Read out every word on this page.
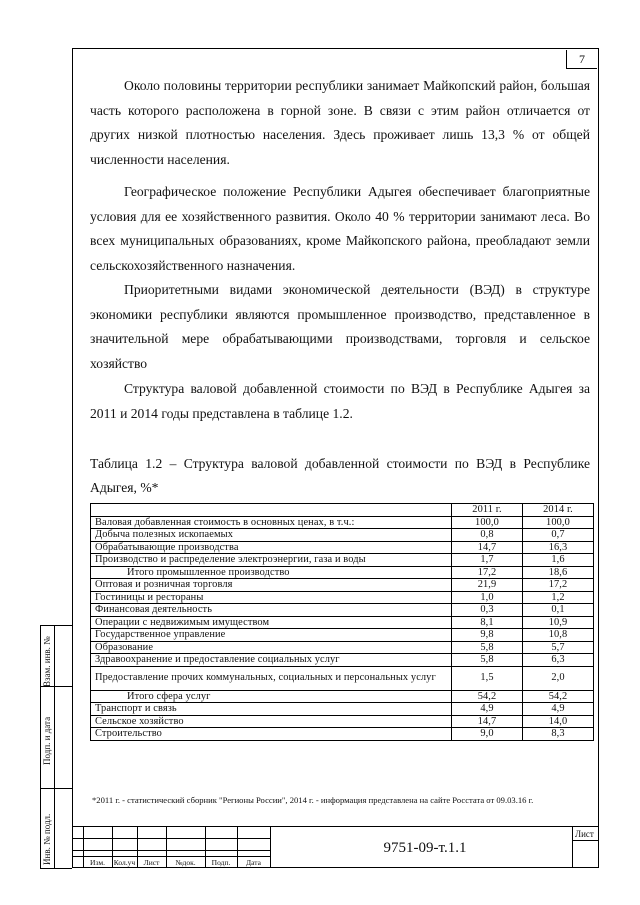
7

Около половины территории республики занимает Майкопский район, большая часть которого расположена в горной зоне. В связи с этим район отличается от других низкой плотностью населения. Здесь проживает лишь 13,3 % от общей численности населения.

Географическое положение Республики Адыгея обеспечивает благоприятные условия для ее хозяйственного развития. Около 40 % территории занимают леса. Во всех муниципальных образованиях, кроме Майкопского района, преобладают земли сельскохозяйственного назначения.

Приоритетными видами экономической деятельности (ВЭД) в структуре экономики республики являются промышленное производство, представленное в значительной мере обрабатывающими производствами, торговля и сельское хозяйство

Структура валовой добавленной стоимости по ВЭД в Республике Адыгея за 2011 и 2014 годы представлена в таблице 1.2.

Таблица 1.2 – Структура валовой добавленной стоимости по ВЭД в Республике Адыгея, %*

	2011 г.	2014 г.
Валовая добавленная стоимость в основных ценах, в т.ч.:	100,0	100,0
Добыча полезных ископаемых	0,8	0,7
Обрабатывающие производства	14,7	16,3
Производство и распределение электроэнергии, газа и воды	1,7	1,6
Итого промышленное производство	17,2	18,6
Оптовая и розничная торговля	21,9	17,2
Гостиницы и рестораны	1,0	1,2
Финансовая деятельность	0,3	0,1
Операции с недвижимым имуществом	8,1	10,9
Государственное управление	9,8	10,8
Образование	5,8	5,7
Здравоохранение и предоставление социальных услуг	5,8	6,3
Предоставление прочих коммунальных, социальных и персональных услуг	1,5	2,0
Итого сфера услуг	54,2	54,2
Транспорт и связь	4,9	4,9
Сельское хозяйство	14,7	14,0
Строительство	9,0	8,3
*2011 г. - статистический сборник "Регионы России", 2014 г. - информация представлена на сайте Росстата от 09.03.16 г.
Взам. инв. №
Подп. и дата
Инв. № подл.	Изм.	Кол.уч	Лист	№док.	Подп.	Дата
9751-09-т.1.1
Лист
